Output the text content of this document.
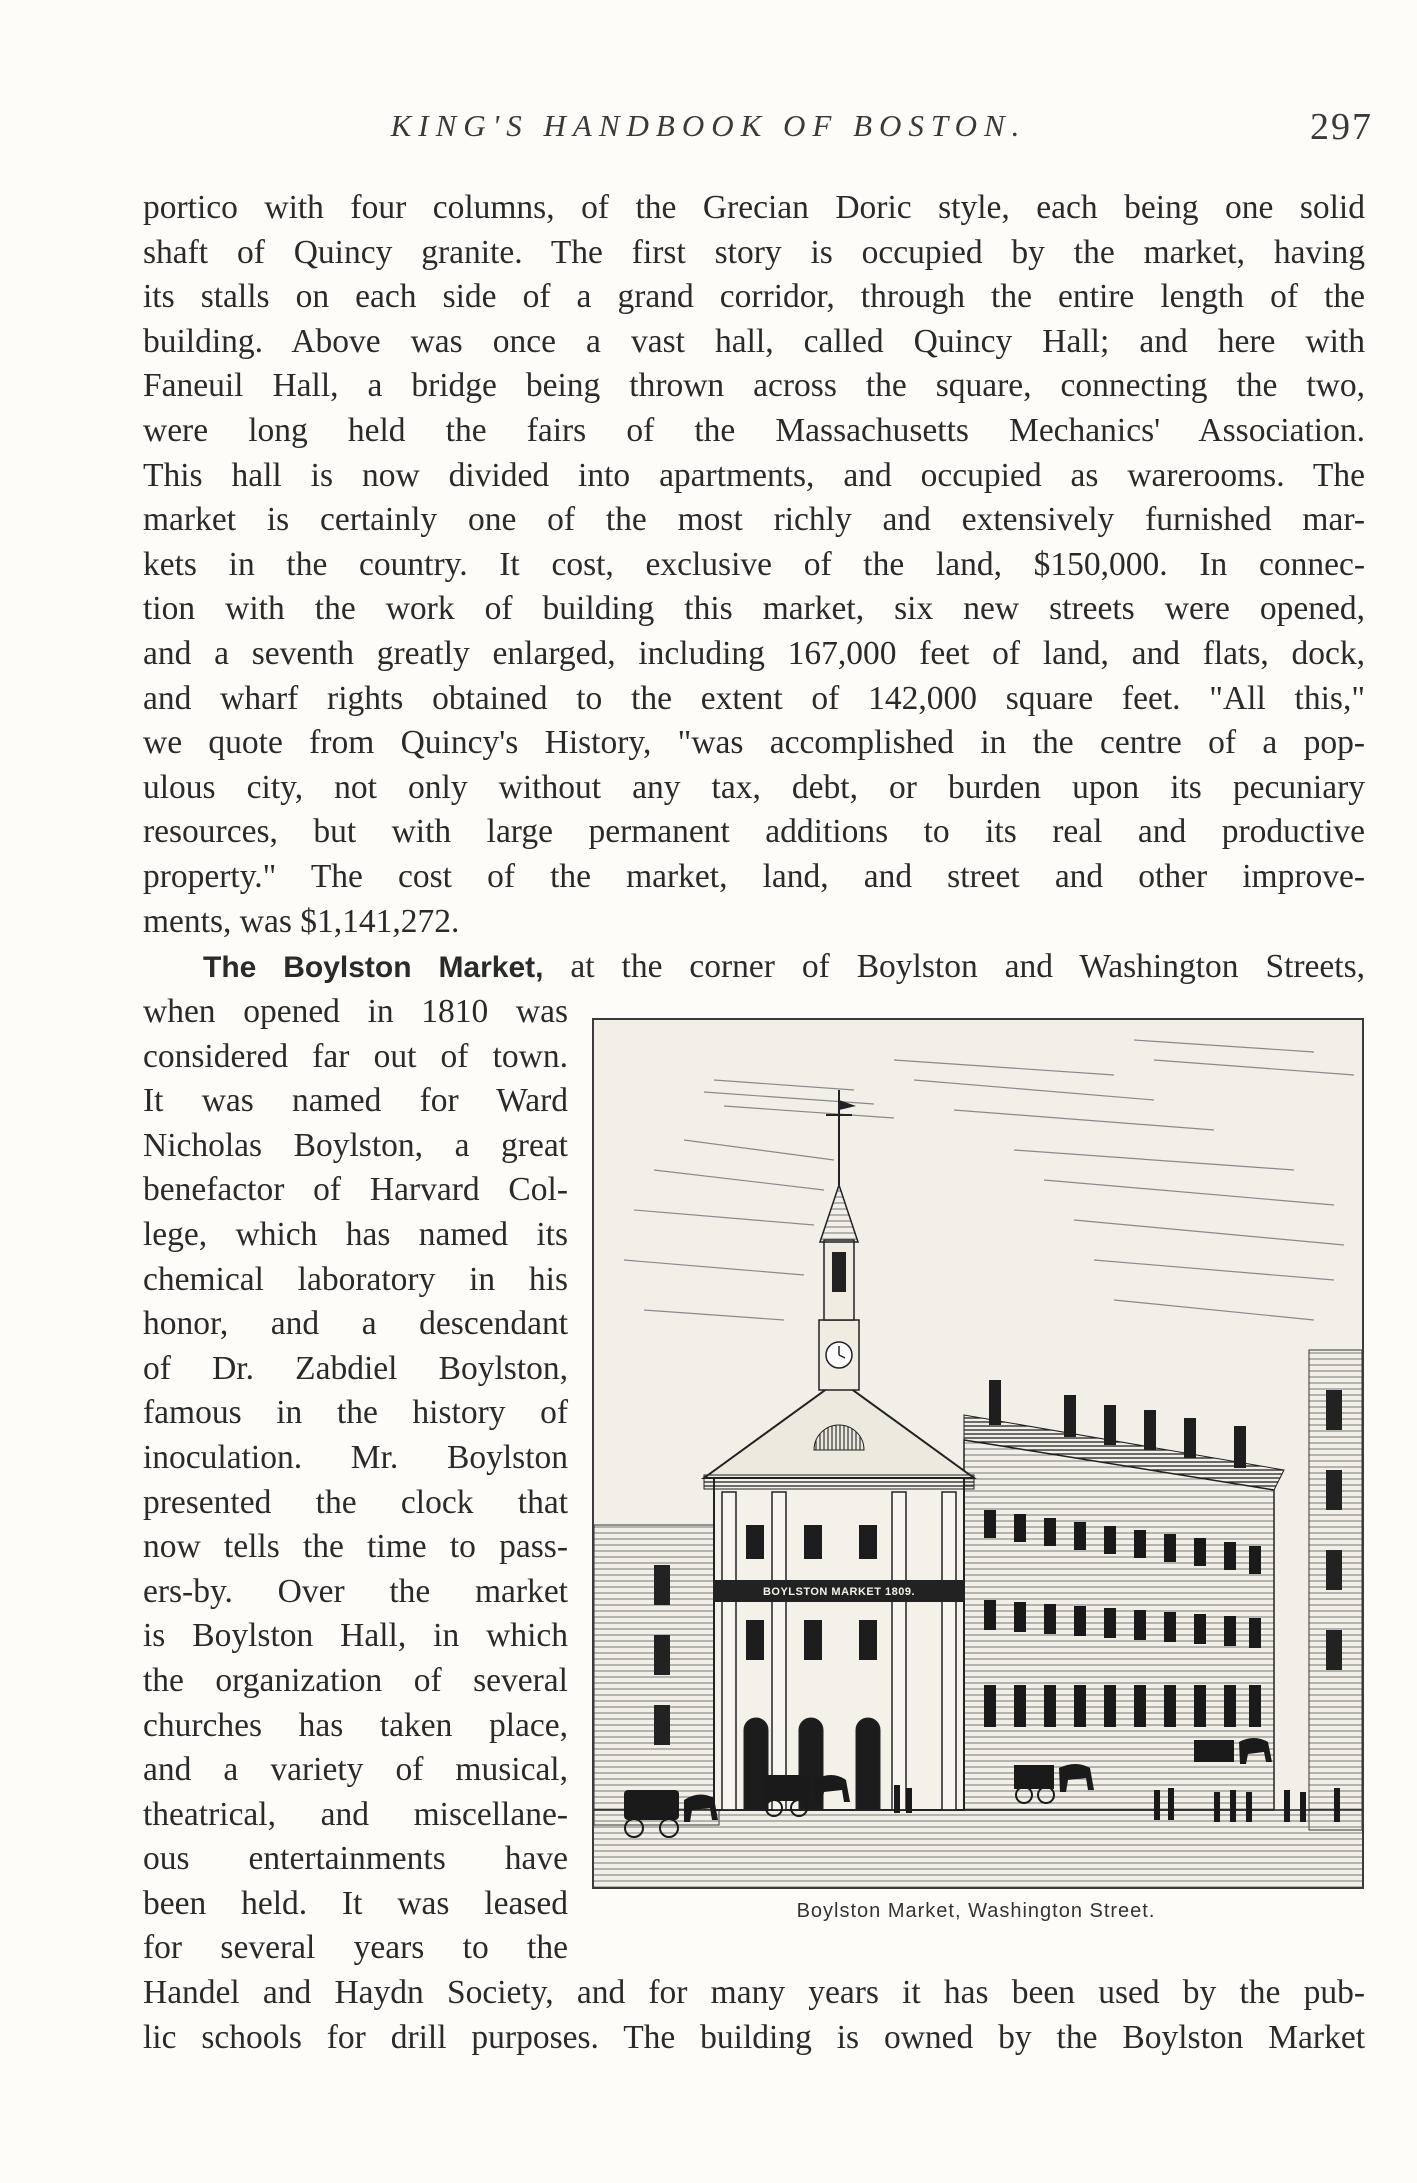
KING'S HANDBOOK OF BOSTON.	297
portico with four columns, of the Grecian Doric style, each being one solid
shaft of Quincy granite. The first story is occupied by the market, having
its stalls on each side of a grand corridor, through the entire length of the
building. Above was once a vast hall, called Quincy Hall; and here with
Faneuil Hall, a bridge being thrown across the square, connecting the two,
were long held the fairs of the Massachusetts Mechanics' Association.
This hall is now divided into apartments, and occupied as warerooms. The
market is certainly one of the most richly and extensively furnished mar-
kets in the country. It cost, exclusive of the land, $150,000. In connec-
tion with the work of building this market, six new streets were opened,
and a seventh greatly enlarged, including 167,000 feet of land, and flats, dock,
and wharf rights obtained to the extent of 142,000 square feet. "All this,"
we quote from Quincy's History, "was accomplished in the centre of a pop-
ulous city, not only without any tax, debt, or burden upon its pecuniary
resources, but with large permanent additions to its real and productive
property." The cost of the market, land, and street and other improve-
ments, was $1,141,272.
The Boylston Market, at the corner of Boylston and Washington Streets,
when opened in 1810 was
considered far out of town.
It was named for Ward
Nicholas Boylston, a great
benefactor of Harvard Col-
lege, which has named its
chemical laboratory in his
honor, and a descendant
of Dr. Zabdiel Boylston,
famous in the history of
inoculation. Mr. Boylston
presented the clock that
now tells the time to pass-
ers-by. Over the market
is Boylston Hall, in which
the organization of several
churches has taken place,
and a variety of musical,
theatrical, and miscellane-
ous entertainments have
been held. It was leased
for several years to the
Handel and Haydn Society, and for many years it has been used by the pub-
lic schools for drill purposes. The building is owned by the Boylston Market
BOYLSTON MARKET 1809.
Boylston Market, Washington Street.
